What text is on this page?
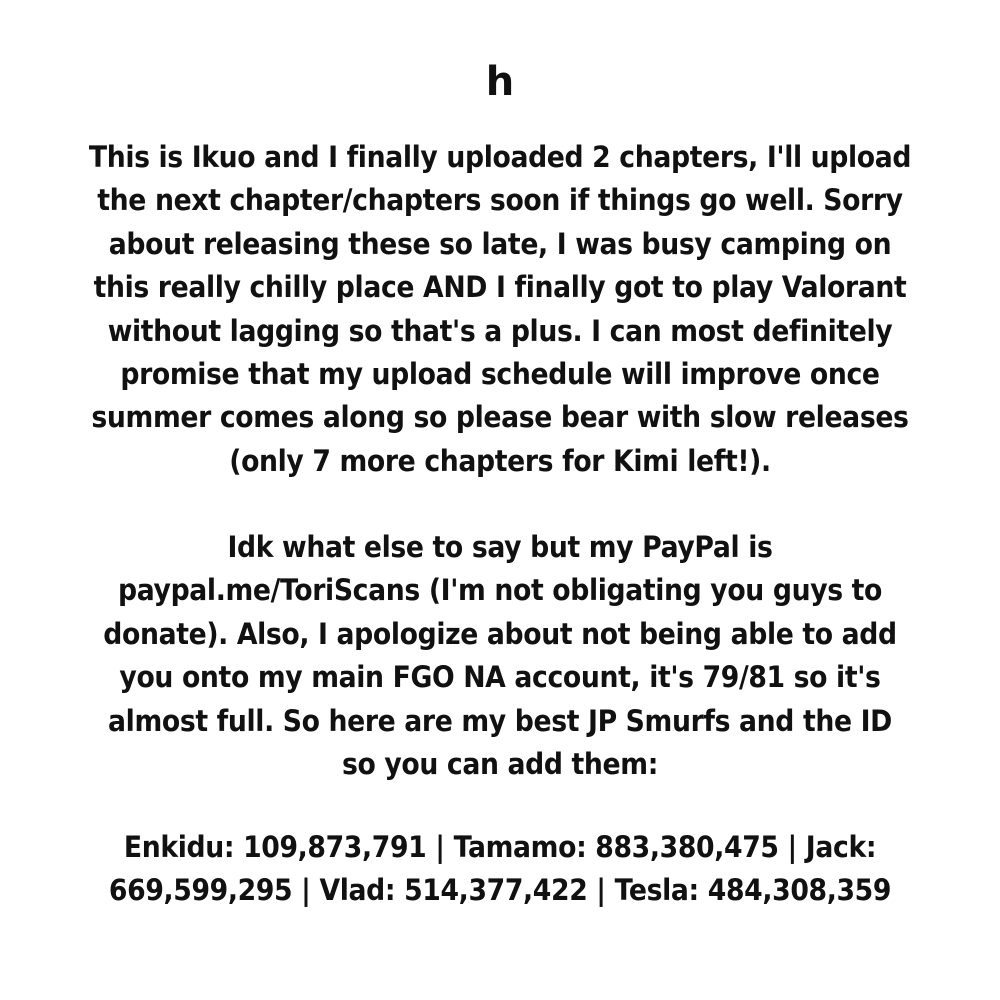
h
This is Ikuo and I finally uploaded 2 chapters, I'll upload
the next chapter/chapters soon if things go well. Sorry
about releasing these so late, I was busy camping on
this really chilly place AND I finally got to play Valorant
without lagging so that's a plus. I can most definitely
promise that my upload schedule will improve once
summer comes along so please bear with slow releases
(only 7 more chapters for Kimi left!).
Idk what else to say but my PayPal is
paypal.me/ToriScans (I'm not obligating you guys to
donate). Also, I apologize about not being able to add
you onto my main FGO NA account, it's 79/81 so it's
almost full. So here are my best JP Smurfs and the ID
so you can add them:
Enkidu: 109,873,791 | Tamamo: 883,380,475 | Jack:
669,599,295 | Vlad: 514,377,422 | Tesla: 484,308,359
